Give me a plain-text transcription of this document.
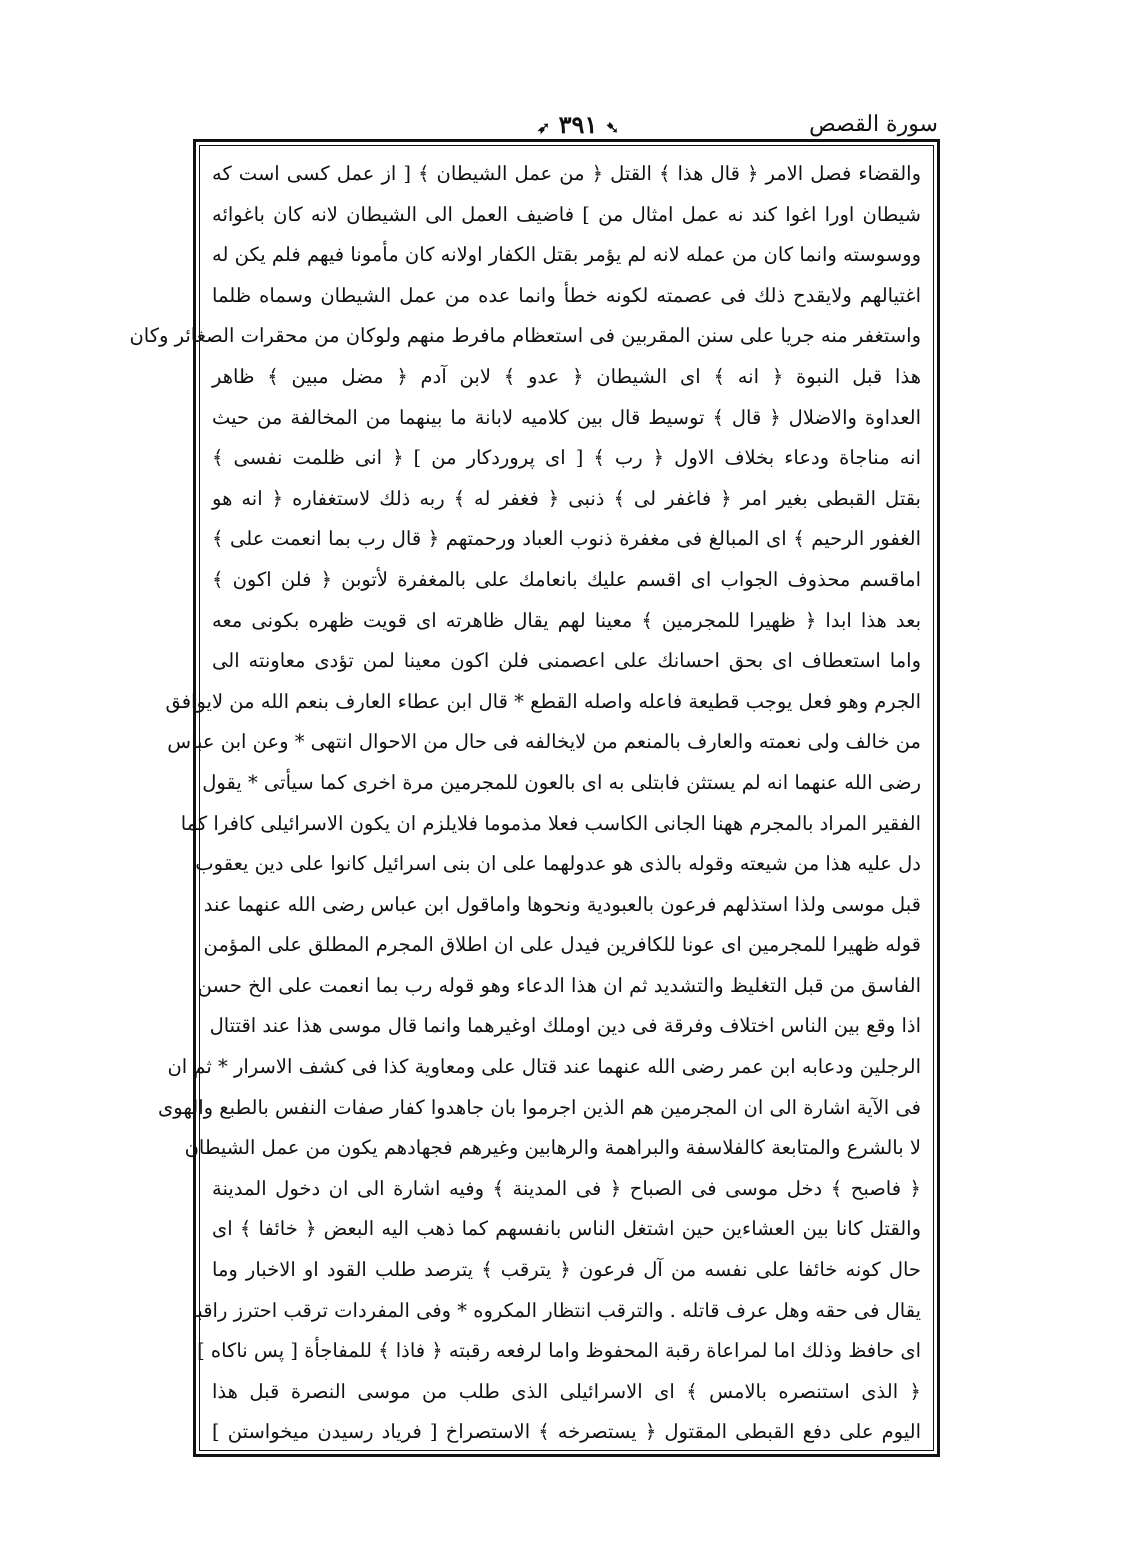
➶ ٣٩١ ➷	سورة القصص
والقضاء فصل الامر ﴿ قال هذا ﴾ القتل ﴿ من عمل الشيطان ﴾ [ از عمل كسى است كه
شيطان اورا اغوا كند نه عمل امثال من ] فاضيف العمل الى الشيطان لانه كان باغوائه
ووسوسته وانما كان من عمله لانه لم يؤمر بقتل الكفار اولانه كان مأمونا فيهم فلم يكن له
اغتيالهم ولايقدح ذلك فى عصمته لكونه خطأ وانما عده من عمل الشيطان وسماه ظلما
واستغفر منه جريا على سنن المقربين فى استعظام مافرط منهم ولوكان من محقرات الصغائر وكان
هذا قبل النبوة ﴿ انه ﴾ اى الشيطان ﴿ عدو ﴾ لابن آدم ﴿ مضل مبين ﴾ ظاهر
العداوة والاضلال ﴿ قال ﴾ توسيط قال بين كلاميه لابانة ما بينهما من المخالفة من حيث
انه مناجاة ودعاء بخلاف الاول ﴿ رب ﴾ [ اى پروردكار من ] ﴿ انى ظلمت نفسى ﴾
بقتل القبطى بغير امر ﴿ فاغفر لى ﴾ ذنبى ﴿ فغفر له ﴾ ربه ذلك لاستغفاره ﴿ انه هو
الغفور الرحيم ﴾ اى المبالغ فى مغفرة ذنوب العباد ورحمتهم ﴿ قال رب بما انعمت على ﴾
اماقسم محذوف الجواب اى اقسم عليك بانعامك على بالمغفرة لأتوبن ﴿ فلن اكون ﴾
بعد هذا ابدا ﴿ ظهيرا للمجرمين ﴾ معينا لهم يقال ظاهرته اى قويت ظهره بكونى معه
واما استعطاف اى بحق احسانك على اعصمنى فلن اكون معينا لمن تؤدى معاونته الى
الجرم وهو فعل يوجب قطيعة فاعله واصله القطع * قال ابن عطاء العارف بنعم الله من لايوافق
من خالف ولى نعمته والعارف بالمنعم من لايخالفه فى حال من الاحوال انتهى * وعن ابن عباس
رضى الله عنهما انه لم يستثن فابتلى به اى بالعون للمجرمين مرة اخرى كما سيأتى * يقول
الفقير المراد بالمجرم ههنا الجانى الكاسب فعلا مذموما فلايلزم ان يكون الاسرائيلى كافرا كما
دل عليه هذا من شيعته وقوله بالذى هو عدولهما على ان بنى اسرائيل كانوا على دين يعقوب
قبل موسى ولذا استذلهم فرعون بالعبودية ونحوها واماقول ابن عباس رضى الله عنهما عند
قوله ظهيرا للمجرمين اى عونا للكافرين فيدل على ان اطلاق المجرم المطلق على المؤمن
الفاسق من قبل التغليظ والتشديد ثم ان هذا الدعاء وهو قوله رب بما انعمت على الخ حسن
اذا وقع بين الناس اختلاف وفرقة فى دين اوملك اوغيرهما وانما قال موسى هذا عند اقتتال
الرجلين ودعابه ابن عمر رضى الله عنهما عند قتال على ومعاوية كذا فى كشف الاسرار * ثم ان
فى الآية اشارة الى ان المجرمين هم الذين اجرموا بان جاهدوا كفار صفات النفس بالطبع والهوى
لا بالشرع والمتابعة كالفلاسفة والبراهمة والرهابين وغيرهم فجهادهم يكون من عمل الشيطان
﴿ فاصبح ﴾ دخل موسى فى الصباح ﴿ فى المدينة ﴾ وفيه اشارة الى ان دخول المدينة
والقتل كانا بين العشاءين حين اشتغل الناس بانفسهم كما ذهب اليه البعض ﴿ خائفا ﴾ اى
حال كونه خائفا على نفسه من آل فرعون ﴿ يترقب ﴾ يترصد طلب القود او الاخبار وما
يقال فى حقه وهل عرف قاتله . والترقب انتظار المكروه * وفى المفردات ترقب احترز راقبا
اى حافظ وذلك اما لمراعاة رقبة المحفوظ واما لرفعه رقبته ﴿ فاذا ﴾ للمفاجأة [ پس ناكاه ]
﴿ الذى استنصره بالامس ﴾ اى الاسرائيلى الذى طلب من موسى النصرة قبل هذا
اليوم على دفع القبطى المقتول ﴿ يستصرخه ﴾ الاستصراخ [ فرياد رسيدن ميخواستن ]
